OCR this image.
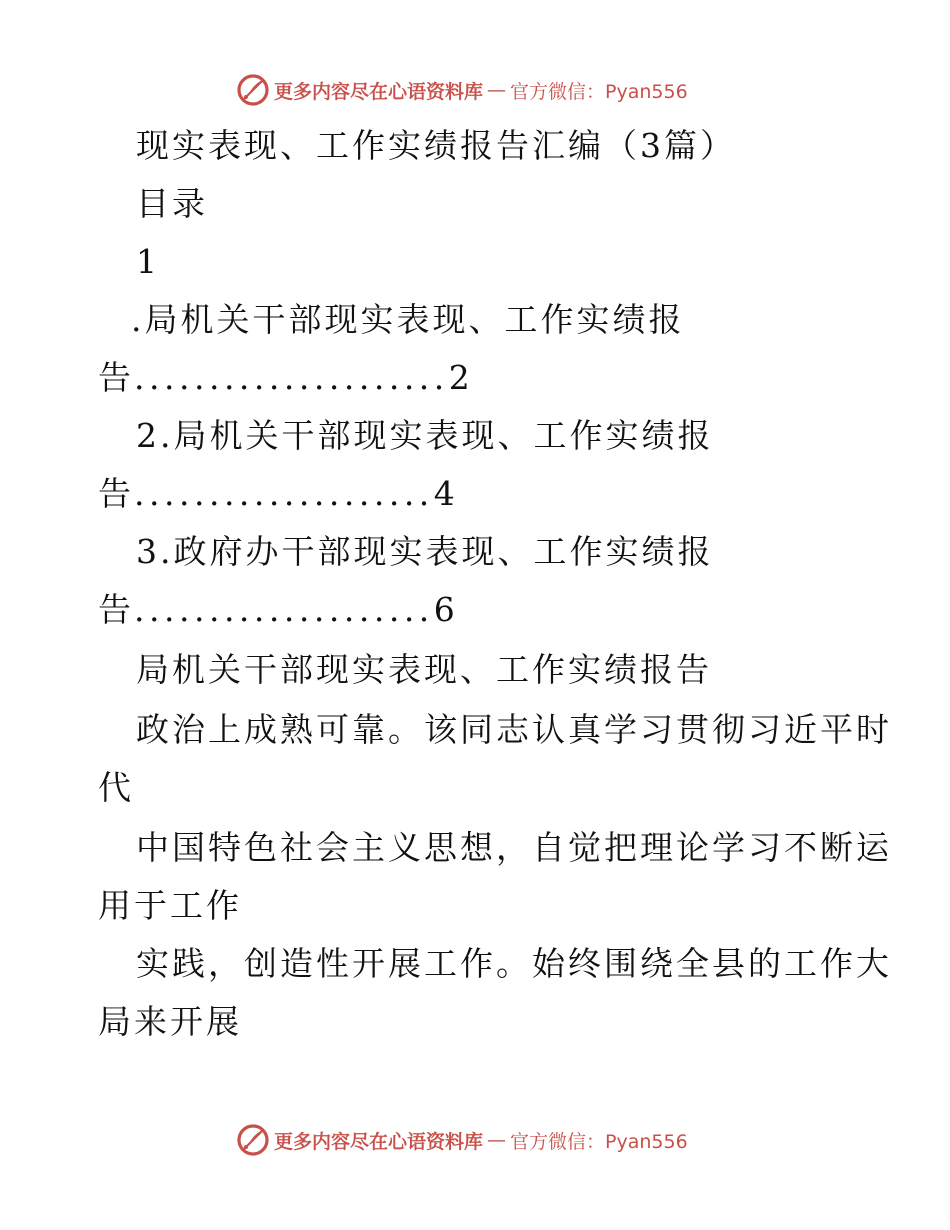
更多内容尽在心语资料库 — 官方微信：Pyan556
现实表现、工作实绩报告汇编（3篇）
目录
1
.局机关干部现实表现、工作实绩报
告.....................2
2.局机关干部现实表现、工作实绩报
告....................4
3.政府办干部现实表现、工作实绩报
告....................6
局机关干部现实表现、工作实绩报告
政治上成熟可靠。该同志认真学习贯彻习近平时
代
中国特色社会主义思想，自觉把理论学习不断运
用于工作
实践，创造性开展工作。始终围绕全县的工作大
局来开展
更多内容尽在心语资料库 — 官方微信：Pyan556
